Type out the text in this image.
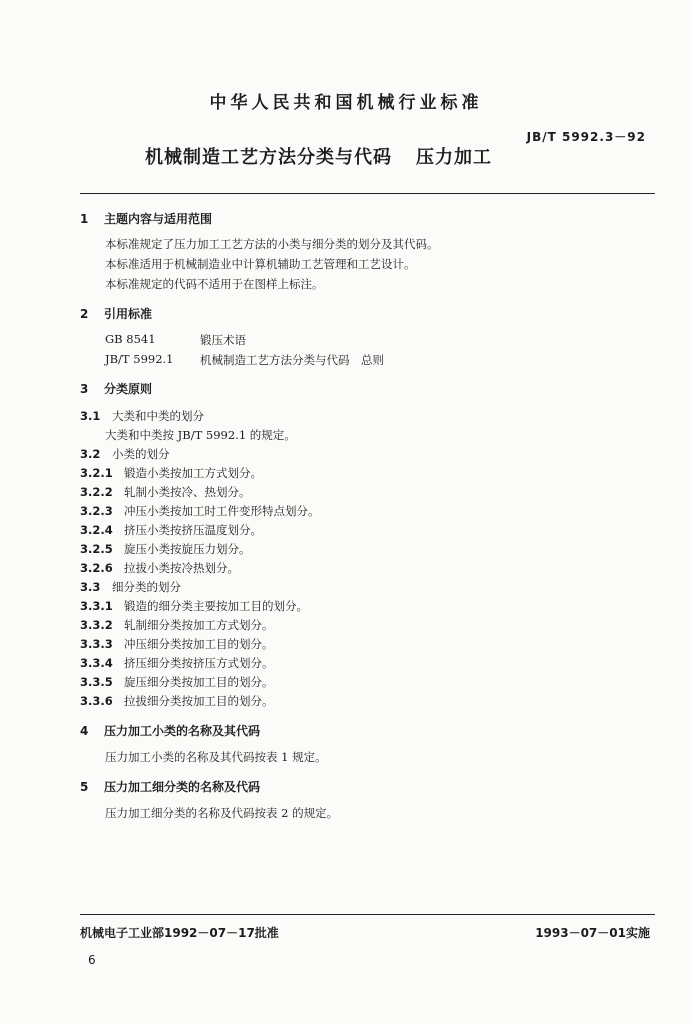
中华人民共和国机械行业标准
JB/T 5992.3－92
机械制造工艺方法分类与代码 压力加工
1 主题内容与适用范围
本标准规定了压力加工工艺方法的小类与细分类的划分及其代码。
本标准适用于机械制造业中计算机辅助工艺管理和工艺设计。
本标准规定的代码不适用于在图样上标注。
2 引用标准
GB 8541	锻压术语
JB/T 5992.1 机械制造工艺方法分类与代码　总则
3 分类原则
3.1 大类和中类的划分
大类和中类按 JB/T 5992.1 的规定。
3.2 小类的划分
3.2.1 锻造小类按加工方式划分。
3.2.2 轧制小类按冷、热划分。
3.2.3 冲压小类按加工时工件变形特点划分。
3.2.4 挤压小类按挤压温度划分。
3.2.5 旋压小类按旋压力划分。
3.2.6 拉拔小类按冷热划分。
3.3 细分类的划分
3.3.1 锻造的细分类主要按加工目的划分。
3.3.2 轧制细分类按加工方式划分。
3.3.3 冲压细分类按加工目的划分。
3.3.4 挤压细分类按挤压方式划分。
3.3.5 旋压细分类按加工目的划分。
3.3.6 拉拔细分类按加工目的划分。
4 压力加工小类的名称及其代码
压力加工小类的名称及其代码按表 1 规定。
5 压力加工细分类的名称及代码
压力加工细分类的名称及代码按表 2 的规定。
机械电子工业部1992－07－17批准	1993－07－01实施
6
